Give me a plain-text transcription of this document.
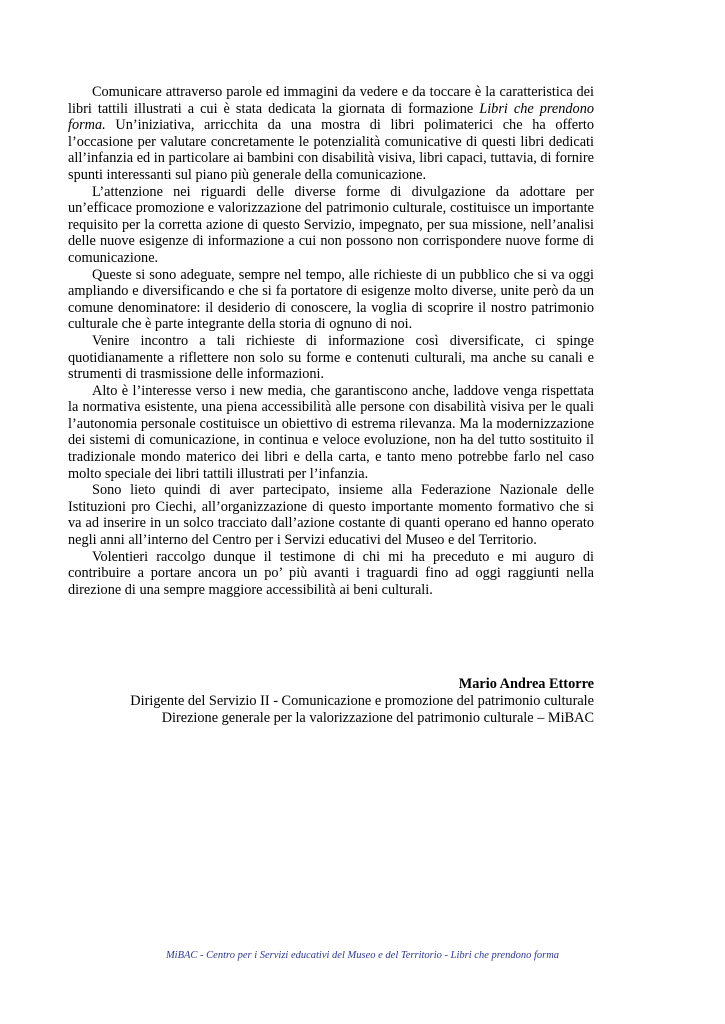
Comunicare attraverso parole ed immagini da vedere e da toccare è la caratteristica dei libri tattili illustrati a cui è stata dedicata la giornata di formazione Libri che prendono forma. Un’iniziativa, arricchita da una mostra di libri polimaterici che ha offerto l’occasione per valutare concretamente le potenzialità comunicative di questi libri dedicati all’infanzia ed in particolare ai bambini con disabilità visiva, libri capaci, tuttavia, di fornire spunti interessanti sul piano più generale della comunicazione.

L’attenzione nei riguardi delle diverse forme di divulgazione da adottare per un’efficace promozione e valorizzazione del patrimonio culturale, costituisce un importante requisito per la corretta azione di questo Servizio, impegnato, per sua missione, nell’analisi delle nuove esigenze di informazione a cui non possono non corrispondere nuove forme di comunicazione.

Queste si sono adeguate, sempre nel tempo, alle richieste di un pubblico che si va oggi ampliando e diversificando e che si fa portatore di esigenze molto diverse, unite però da un comune denominatore: il desiderio di conoscere, la voglia di scoprire il nostro patrimonio culturale che è parte integrante della storia di ognuno di noi.

Venire incontro a tali richieste di informazione così diversificate, ci spinge quotidianamente a riflettere non solo su forme e contenuti culturali, ma anche su canali e strumenti di trasmissione delle informazioni.

Alto è l’interesse verso i new media, che garantiscono anche, laddove venga rispettata la normativa esistente, una piena accessibilità alle persone con disabilità visiva per le quali l’autonomia personale costituisce un obiettivo di estrema rilevanza. Ma la modernizzazione dei sistemi di comunicazione, in continua e veloce evoluzione, non ha del tutto sostituito il tradizionale mondo materico dei libri e della carta, e tanto meno potrebbe farlo nel caso molto speciale dei libri tattili illustrati per l’infanzia.

Sono lieto quindi di aver partecipato, insieme alla Federazione Nazionale delle Istituzioni pro Ciechi, all’organizzazione di questo importante momento formativo che si va ad inserire in un solco tracciato dall’azione costante di quanti operano ed hanno operato negli anni all’interno del Centro per i Servizi educativi del Museo e del Territorio.

Volentieri raccolgo dunque il testimone di chi mi ha preceduto e mi auguro di contribuire a portare ancora un po’ più avanti i traguardi fino ad oggi raggiunti nella direzione di una sempre maggiore accessibilità ai beni culturali.

Mario Andrea Ettorre
Dirigente del Servizio II - Comunicazione e promozione del patrimonio culturale
Direzione generale per la valorizzazione del patrimonio culturale – MiBAC
MiBAC - Centro per i Servizi educativi del Museo e del Territorio - Libri che prendono forma
